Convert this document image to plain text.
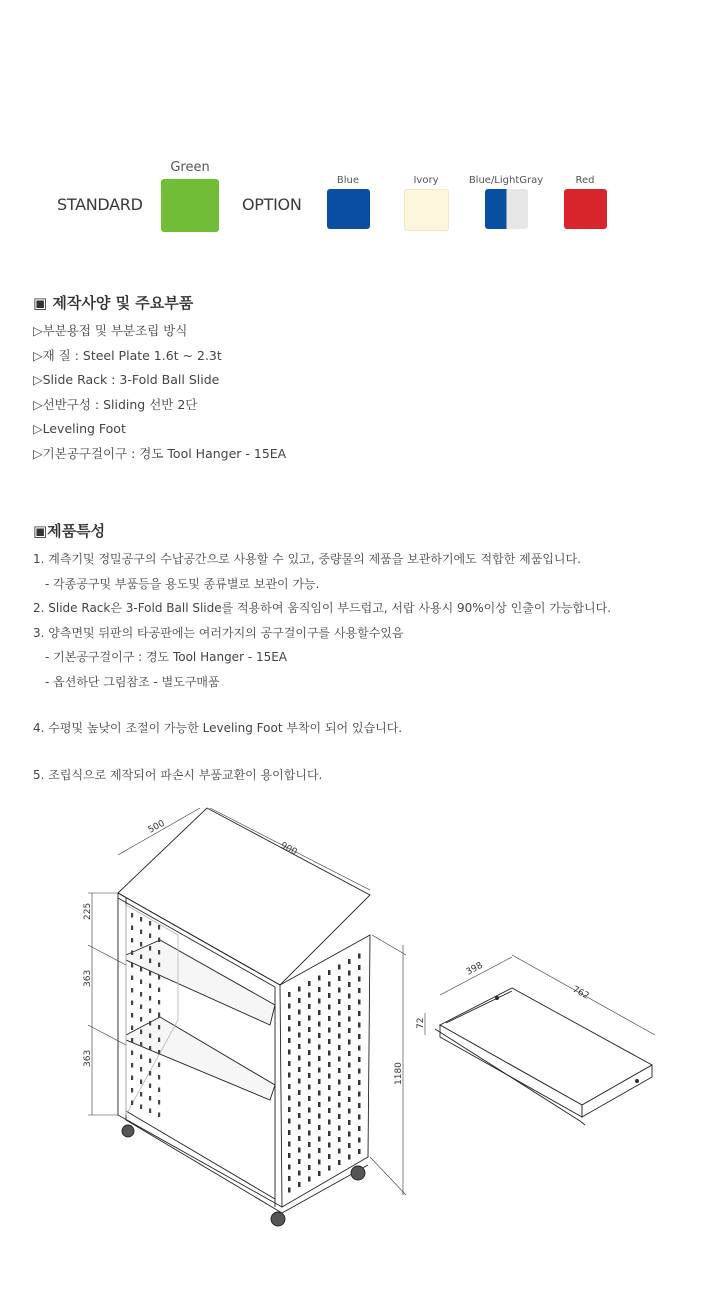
STANDARD
Green
OPTION
Blue	Ivory	Blue/LightGray	Red
▣ 제작사양 및 주요부품
▷부분용접 및 부분조립 방식
▷재 질 : Steel Plate 1.6t ~ 2.3t
▷Slide Rack : 3-Fold Ball Slide
▷선반구성 : Sliding 선반 2단
▷Leveling Foot
▷기본공구걸이구 : 경도 Tool Hanger - 15EA
▣제품특성
1. 계측기및 정밀공구의 수납공간으로 사용할 수 있고, 중량물의 제품을 보관하기에도 적합한 제품입니다.
- 각종공구및 부품등을 용도및 종류별로 보관이 가능.
2. Slide Rack은 3-Fold Ball Slide를 적용하여 움직임이 부드럽고, 서랍 사용시 90%이상 인출이 가능합니다.
3. 양측면및 뒤판의 타공판에는 여러가지의 공구걸이구를 사용할수있음
- 기본공구걸이구 : 경도 Tool Hanger - 15EA
- 옵션하단 그림참조 - 별도구매품
4. 수평및 높낮이 조절이 가능한 Leveling Foot 부착이 되어 있습니다.
5. 조립식으로 제작되어 파손시 부품교환이 용이합니다.
500
900
225
363
363
1180
398
762
72
